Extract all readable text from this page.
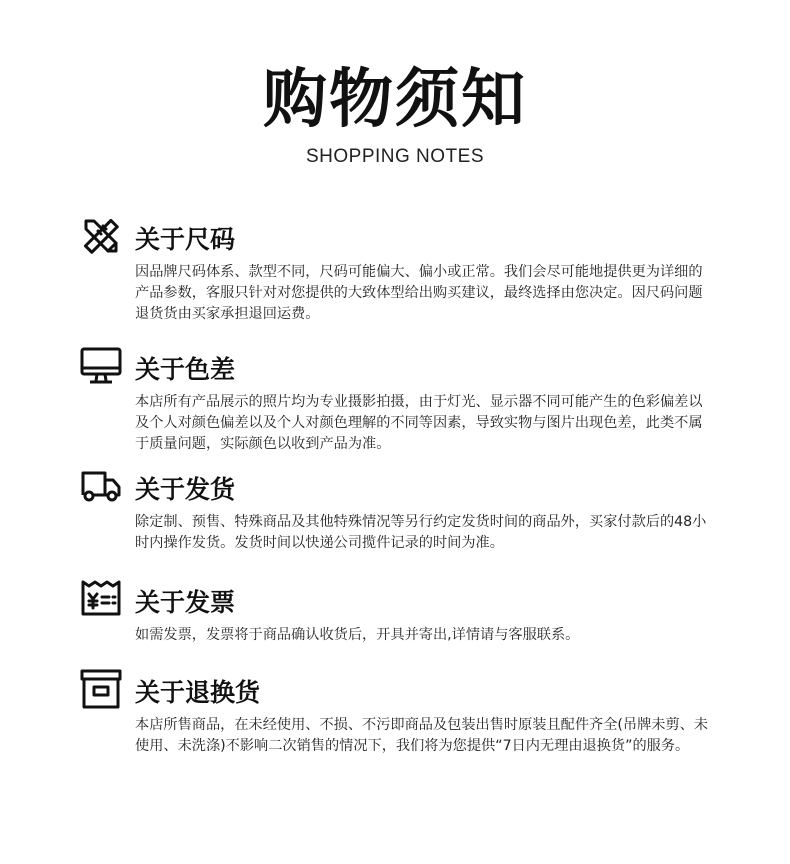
购物须知
SHOPPING NOTES
关于尺码
因品牌尺码体系、款型不同，尺码可能偏大、偏小或正常。我们会尽可能地提供更为详细的产品参数，客服只针对对您提供的大致体型给出购买建议，最终选择由您决定。因尺码问题退货货由买家承担退回运费。
关于色差
本店所有产品展示的照片均为专业摄影拍摄，由于灯光、显示器不同可能产生的色彩偏差以及个人对颜色偏差以及个人对颜色理解的不同等因素，导致实物与图片出现色差，此类不属于质量问题，实际颜色以收到产品为准。
关于发货
除定制、预售、特殊商品及其他特殊情况等另行约定发货时间的商品外，买家付款后的48小时内操作发货。发货时间以快递公司揽件记录的时间为准。
关于发票
如需发票，发票将于商品确认收货后，开具并寄出,详情请与客服联系。
关于退换货
本店所售商品，在未经使用、不损、不污即商品及包装出售时原装且配件齐全(吊牌未剪、未使用、未洗涤)不影响二次销售的情况下，我们将为您提供“7日内无理由退换货”的服务。
